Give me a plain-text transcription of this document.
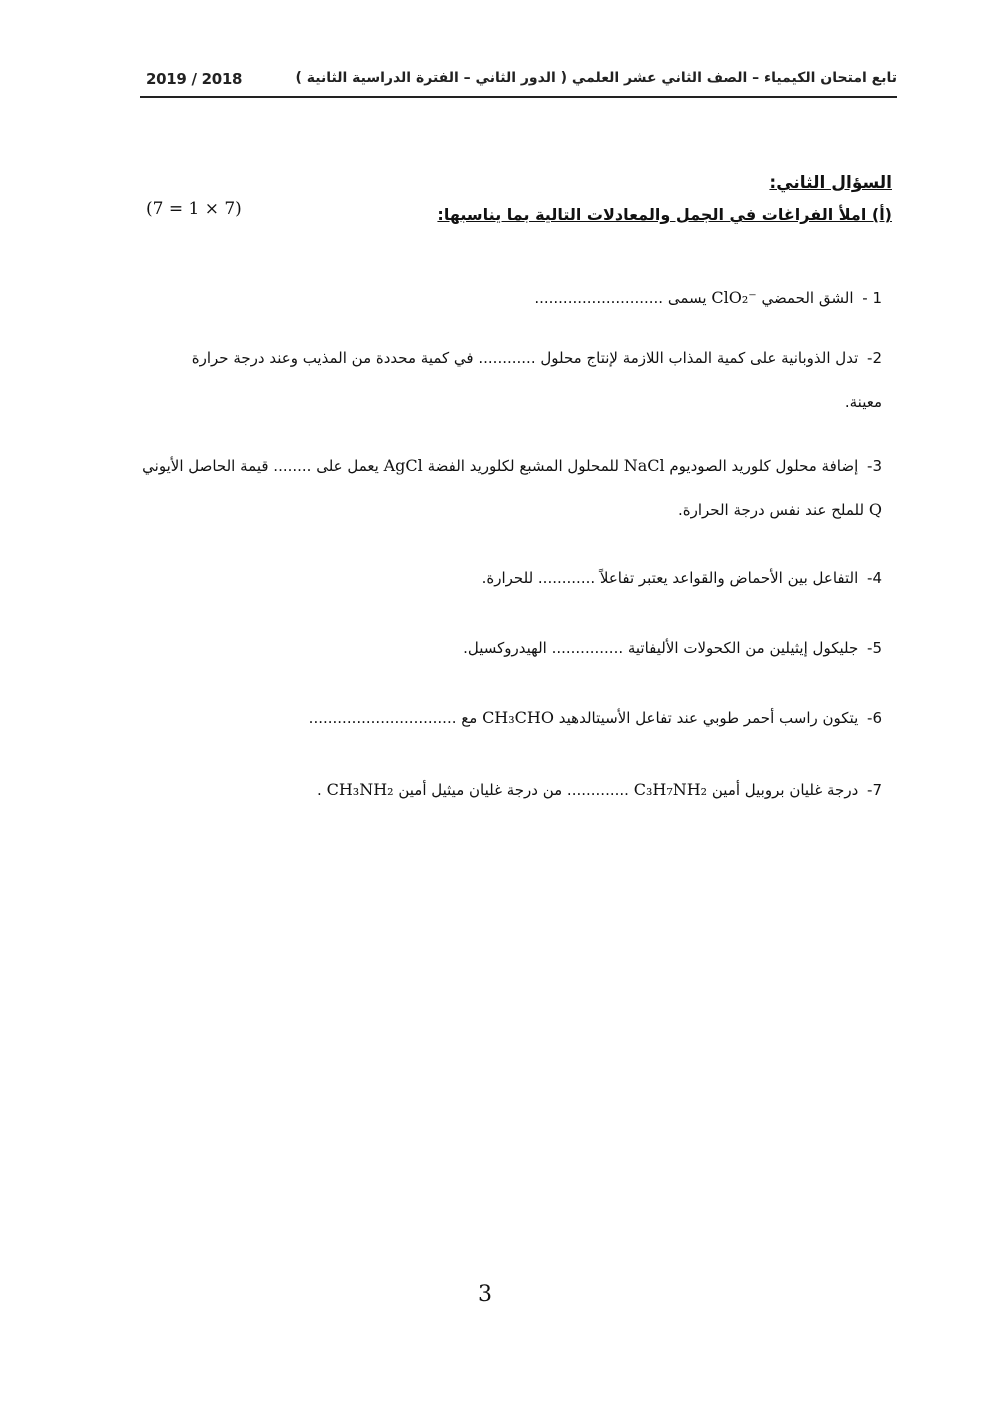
تابع امتحان الكيمياء – الصف الثاني عشر العلمي ( الدور الثاني – الفترة الدراسية الثانية )
2019 / 2018
السؤال الثاني:
(أ) املأ الفراغات في الجمل والمعادلات التالية بما يناسبها:
(7 = 1 × 7)
1 - الشق الحمضي ClO₂⁻ يسمى ...........................
2- تدل الذوبانية على كمية المذاب اللازمة لإنتاج محلول ............ في كمية محددة من المذيب وعند درجة حرارة معينة.
3- إضافة محلول كلوريد الصوديوم NaCl للمحلول المشبع لكلوريد الفضة AgCl يعمل على ........ قيمة الحاصل الأيوني Q للملح عند نفس درجة الحرارة.
4- التفاعل بين الأحماض والقواعد يعتبر تفاعلاً ............ للحرارة.
5- جليكول إيثيلين من الكحولات الأليفاتية ............... الهيدروكسيل.
6- يتكون راسب أحمر طوبي عند تفاعل الأسيتالدهيد CH₃CHO مع ...............................
7- درجة غليان بروبيل أمين C₃H₇NH₂ ............. من درجة غليان ميثيل أمين CH₃NH₂ .
3
